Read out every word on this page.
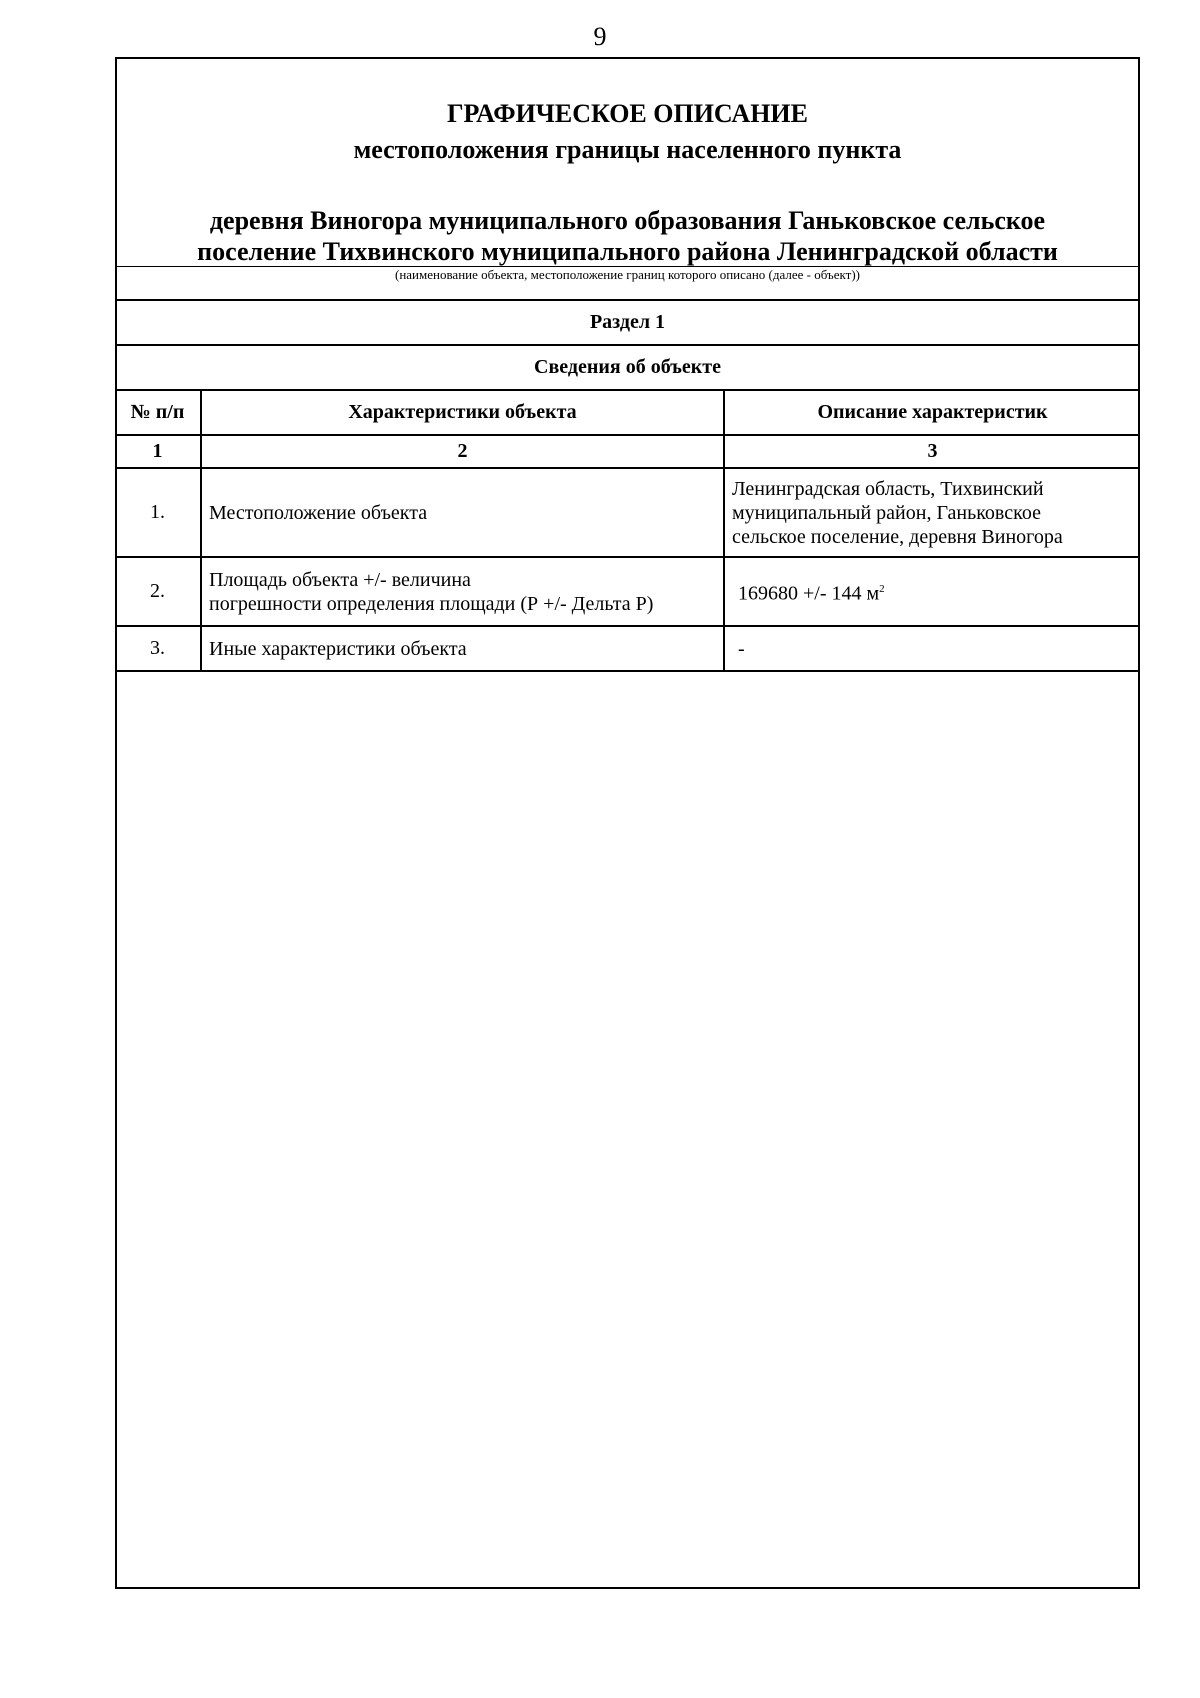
9
ГРАФИЧЕСКОЕ ОПИСАНИЕ
местоположения границы населенного пункта
деревня Виногора муниципального образования Ганьковское сельское
поселение Тихвинского муниципального района Ленинградской области
(наименование объекта, местоположение границ которого описано (далее - объект))
Раздел 1		
Сведения об объекте		
№ п/п	Характеристики объекта	Описание характеристик
1	2	3
1.	Местоположение объекта	Ленинградская область, Тихвинский
муниципальный район, Ганьковское
сельское поселение, деревня Виногора

2.	Площадь объекта +/- величина
погрешности определения площади (Р +/- Дельта Р)	169680 +/- 144 $м^2$
3.	Иные характеристики объекта	-
